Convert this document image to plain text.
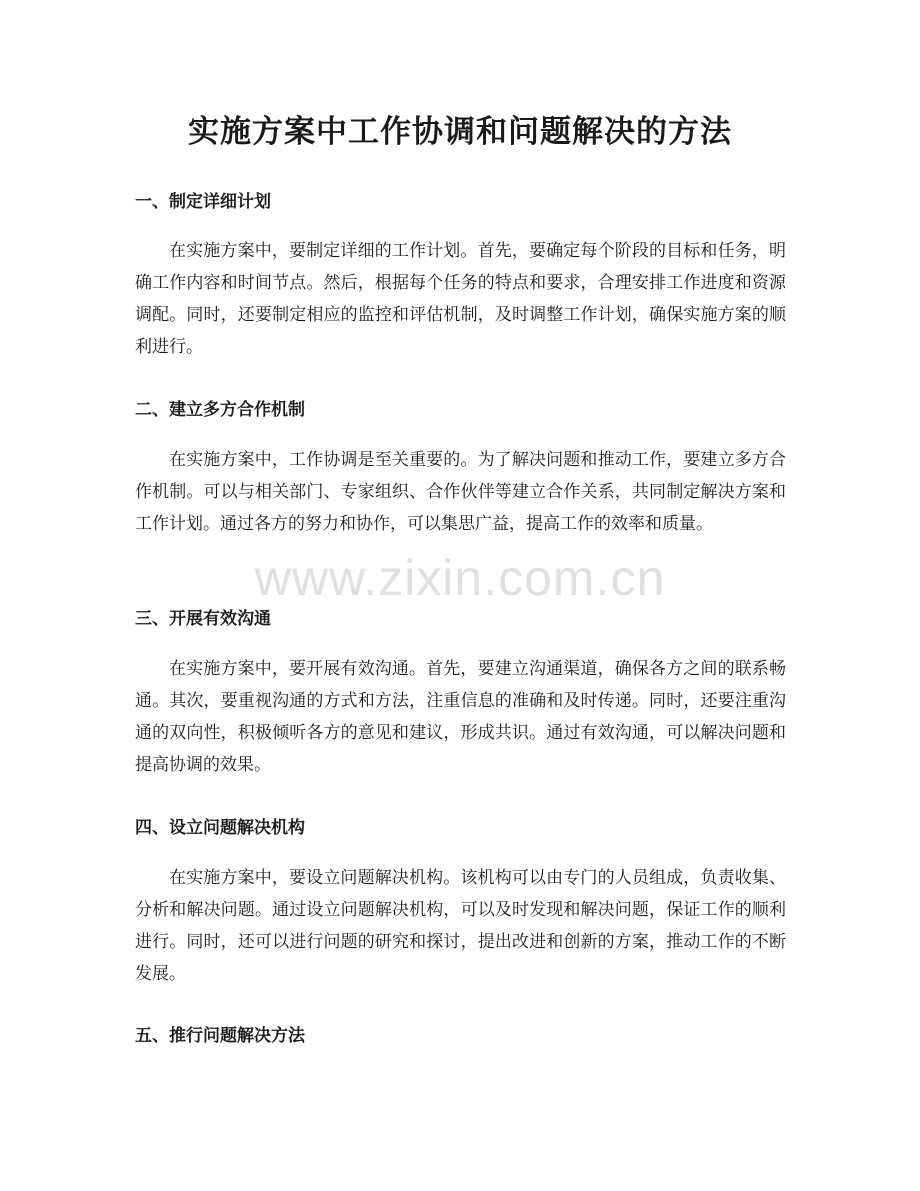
实施方案中工作协调和问题解决的方法
一、制定详细计划

在实施方案中，要制定详细的工作计划。首先，要确定每个阶段的目标和任务，明确工作内容和时间节点。然后，根据每个任务的特点和要求，合理安排工作进度和资源调配。同时，还要制定相应的监控和评估机制，及时调整工作计划，确保实施方案的顺利进行。

二、建立多方合作机制

在实施方案中，工作协调是至关重要的。为了解决问题和推动工作，要建立多方合作机制。可以与相关部门、专家组织、合作伙伴等建立合作关系，共同制定解决方案和工作计划。通过各方的努力和协作，可以集思广益，提高工作的效率和质量。

三、开展有效沟通

在实施方案中，要开展有效沟通。首先，要建立沟通渠道，确保各方之间的联系畅通。其次，要重视沟通的方式和方法，注重信息的准确和及时传递。同时，还要注重沟通的双向性，积极倾听各方的意见和建议，形成共识。通过有效沟通，可以解决问题和提高协调的效果。

四、设立问题解决机构

在实施方案中，要设立问题解决机构。该机构可以由专门的人员组成，负责收集、分析和解决问题。通过设立问题解决机构，可以及时发现和解决问题，保证工作的顺利进行。同时，还可以进行问题的研究和探讨，提出改进和创新的方案，推动工作的不断发展。

五、推行问题解决方法
www.zixin.com.cn
